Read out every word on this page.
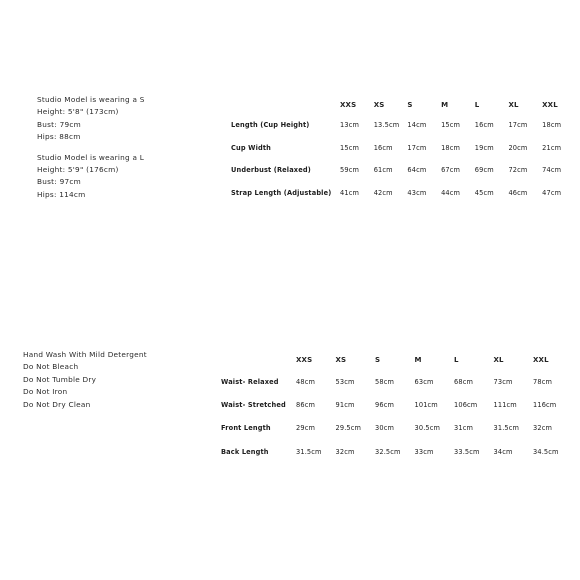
Studio Model is wearing a S
Height: 5'8" (173cm)
Bust: 79cm
Hips: 88cm
Studio Model is wearing a L
Height: 5'9" (176cm)
Bust: 97cm
Hips: 114cm
	XXS	XS	S	M	L	XL	XXL
Length (Cup Height)	13cm	13.5cm	14cm	15cm	16cm	17cm	18cm
Cup Width	15cm	16cm	17cm	18cm	19cm	20cm	21cm
Underbust (Relaxed)	59cm	61cm	64cm	67cm	69cm	72cm	74cm
Strap Length (Adjustable)	41cm	42cm	43cm	44cm	45cm	46cm	47cm
Hand Wash With Mild Detergent
Do Not Bleach
Do Not Tumble Dry
Do Not Iron
Do Not Dry Clean
	XXS	XS	S	M	L	XL	XXL
Waist- Relaxed	48cm	53cm	58cm	63cm	68cm	73cm	78cm
Waist- Stretched	86cm	91cm	96cm	101cm	106cm	111cm	116cm
Front Length	29cm	29.5cm	30cm	30.5cm	31cm	31.5cm	32cm
Back Length	31.5cm	32cm	32.5cm	33cm	33.5cm	34cm	34.5cm
